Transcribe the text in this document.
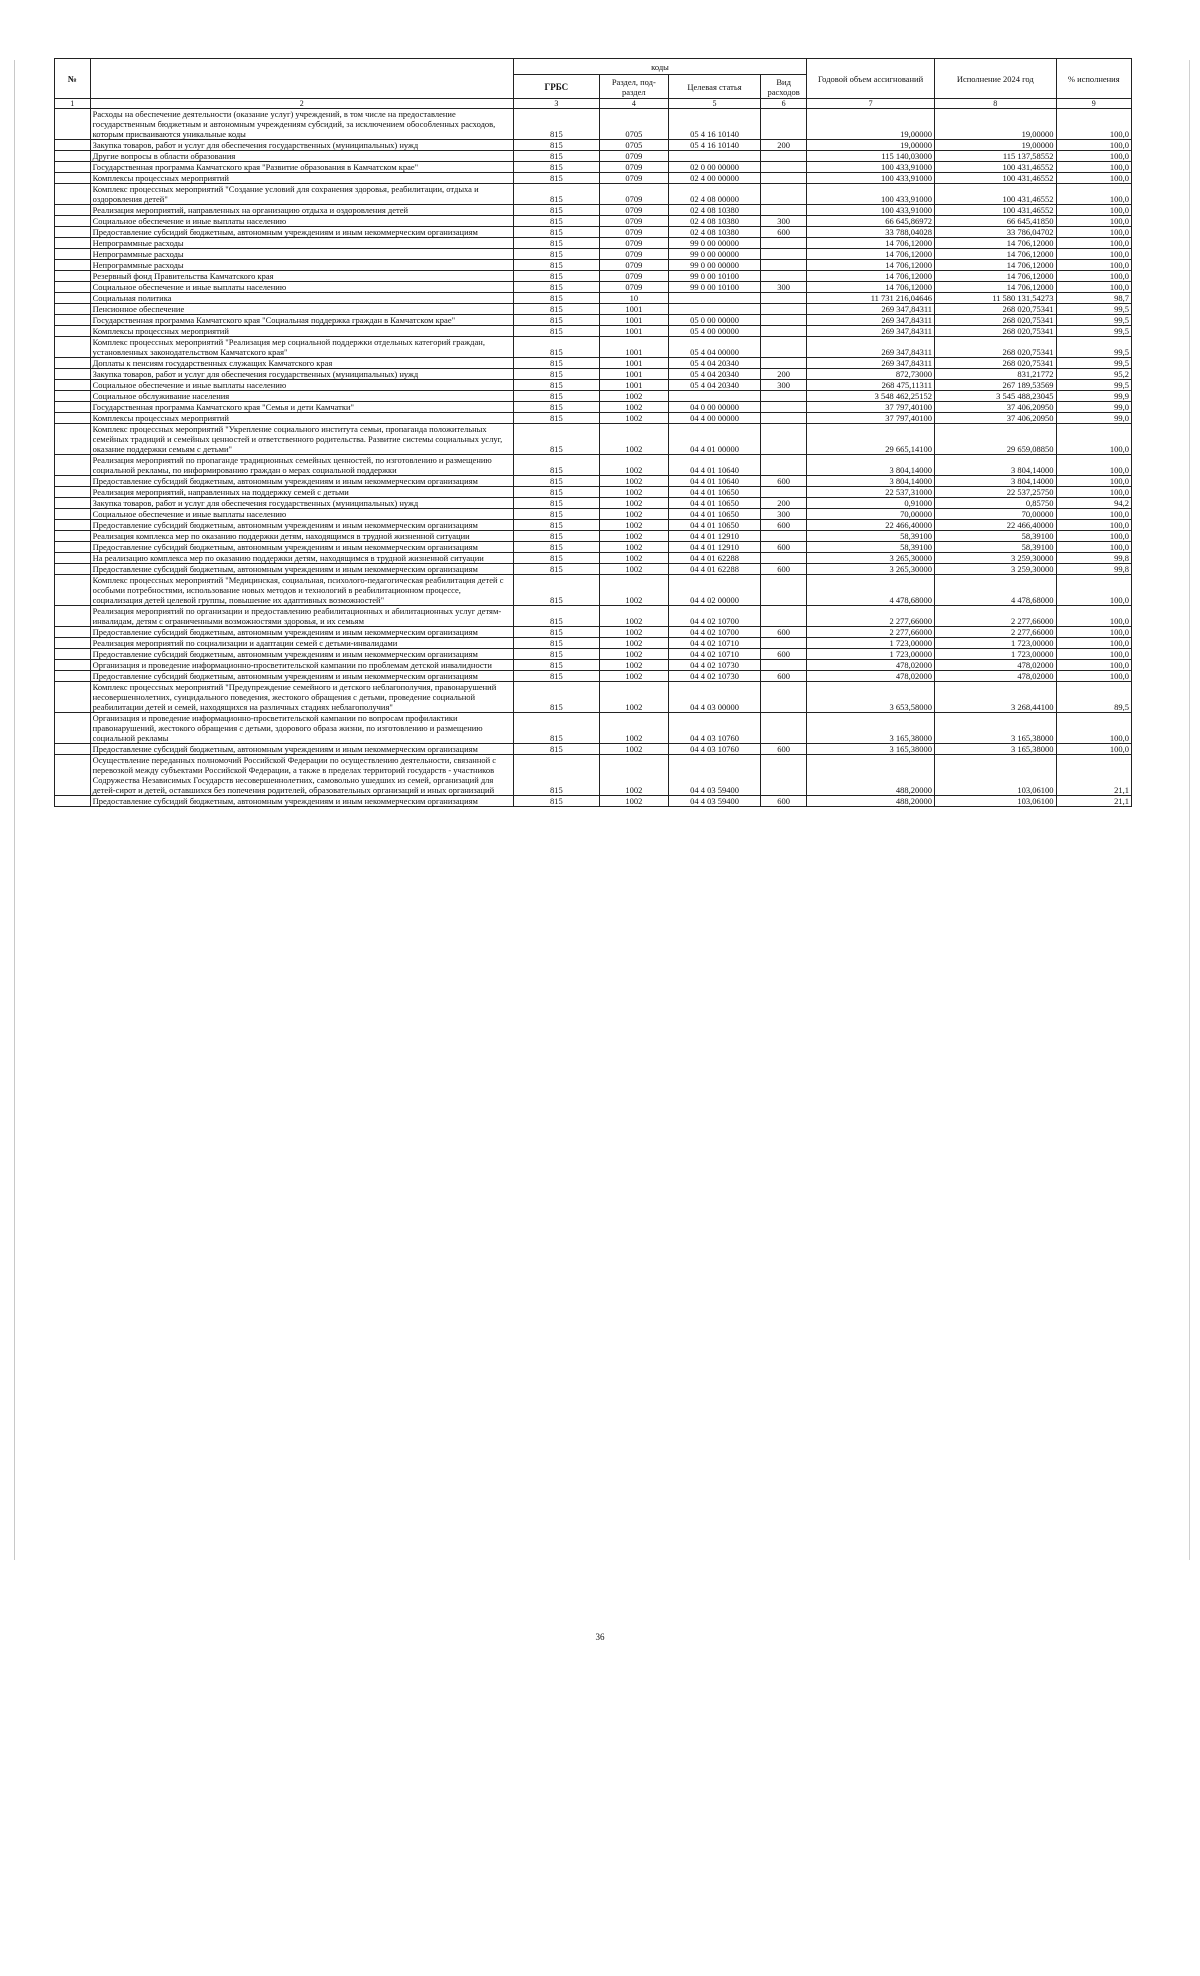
№		коды				Годовой объем ассигнований	Исполнение 2024 год	% исполнения
		ГРБС	Раздел, под-раздел	Целевая статья	Вид расходов			
1	2	3	4	5	6	7	8	9
	Расходы на обеспечение деятельности (оказание услуг) учреждений, в том числе на предоставление государственным бюджетным и автономным учреждениям субсидий, за исключением обособленных расходов, которым присваиваются уникальные коды	815	0705	05 4 16 10140		19,00000	19,00000	100,0
	Закупка товаров, работ и услуг для обеспечения государственных (муниципальных) нужд	815	0705	05 4 16 10140	200	19,00000	19,00000	100,0
	Другие вопросы в области образования	815	0709			115 140,03000	115 137,58552	100,0
	Государственная программа Камчатского края "Развитие образования в Камчатском крае"	815	0709	02 0 00 00000		100 433,91000	100 431,46552	100,0
	Комплексы процессных мероприятий	815	0709	02 4 00 00000		100 433,91000	100 431,46552	100,0
	Комплекс процессных мероприятий "Создание условий для сохранения здоровья, реабилитации, отдыха и оздоровления детей"	815	0709	02 4 08 00000		100 433,91000	100 431,46552	100,0
	Реализация мероприятий, направленных на организацию отдыха и оздоровления детей	815	0709	02 4 08 10380		100 433,91000	100 431,46552	100,0
	Социальное обеспечение и иные выплаты населению	815	0709	02 4 08 10380	300	66 645,86972	66 645,41850	100,0
	Предоставление субсидий бюджетным, автономным учреждениям и иным некоммерческим организациям	815	0709	02 4 08 10380	600	33 788,04028	33 786,04702	100,0
	Непрограммные расходы	815	0709	99 0 00 00000		14 706,12000	14 706,12000	100,0
	Непрограммные расходы	815	0709	99 0 00 00000		14 706,12000	14 706,12000	100,0
	Непрограммные расходы	815	0709	99 0 00 00000		14 706,12000	14 706,12000	100,0
	Резервный фонд Правительства Камчатского края	815	0709	99 0 00 10100		14 706,12000	14 706,12000	100,0
	Социальное обеспечение и иные выплаты населению	815	0709	99 0 00 10100	300	14 706,12000	14 706,12000	100,0
	Социальная политика	815	10			11 731 216,04646	11 580 131,54273	98,7
	Пенсионное обеспечение	815	1001			269 347,84311	268 020,75341	99,5
	Государственная программа Камчатского края "Социальная поддержка граждан в Камчатском крае"	815	1001	05 0 00 00000		269 347,84311	268 020,75341	99,5
	Комплексы процессных мероприятий	815	1001	05 4 00 00000		269 347,84311	268 020,75341	99,5
	Комплекс процессных мероприятий "Реализация мер социальной поддержки отдельных категорий граждан, установленных законодательством Камчатского края"	815	1001	05 4 04 00000		269 347,84311	268 020,75341	99,5
	Доплаты к пенсиям государственных служащих Камчатского края	815	1001	05 4 04 20340		269 347,84311	268 020,75341	99,5
	Закупка товаров, работ и услуг для обеспечения государственных (муниципальных) нужд	815	1001	05 4 04 20340	200	872,73000	831,21772	95,2
	Социальное обеспечение и иные выплаты населению	815	1001	05 4 04 20340	300	268 475,11311	267 189,53569	99,5
	Социальное обслуживание населения	815	1002			3 548 462,25152	3 545 488,23045	99,9
	Государственная программа Камчатского края "Семья и дети Камчатки"	815	1002	04 0 00 00000		37 797,40100	37 406,20950	99,0
	Комплексы процессных мероприятий	815	1002	04 4 00 00000		37 797,40100	37 406,20950	99,0
	Комплекс процессных мероприятий "Укрепление социального института семьи, пропаганда положительных семейных традиций и семейных ценностей и ответственного родительства. Развитие системы социальных услуг, оказание поддержки семьям с детьми"	815	1002	04 4 01 00000		29 665,14100	29 659,08850	100,0
	Реализация мероприятий по пропаганде традиционных семейных ценностей, по изготовлению и размещению социальной рекламы, по информированию граждан о мерах социальной поддержки	815	1002	04 4 01 10640		3 804,14000	3 804,14000	100,0
	Предоставление субсидий бюджетным, автономным учреждениям и иным некоммерческим организациям	815	1002	04 4 01 10640	600	3 804,14000	3 804,14000	100,0
	Реализация мероприятий, направленных на поддержку семей с детьми	815	1002	04 4 01 10650		22 537,31000	22 537,25750	100,0
	Закупка товаров, работ и услуг для обеспечения государственных (муниципальных) нужд	815	1002	04 4 01 10650	200	0,91000	0,85750	94,2
	Социальное обеспечение и иные выплаты населению	815	1002	04 4 01 10650	300	70,00000	70,00000	100,0
	Предоставление субсидий бюджетным, автономным учреждениям и иным некоммерческим организациям	815	1002	04 4 01 10650	600	22 466,40000	22 466,40000	100,0
	Реализация комплекса мер по оказанию поддержки детям, находящимся в трудной жизненной ситуации	815	1002	04 4 01 12910		58,39100	58,39100	100,0
	Предоставление субсидий бюджетным, автономным учреждениям и иным некоммерческим организациям	815	1002	04 4 01 12910	600	58,39100	58,39100	100,0
	На реализацию комплекса мер по оказанию поддержки детям, находящимся в трудной жизненной ситуации	815	1002	04 4 01 62288		3 265,30000	3 259,30000	99,8
	Предоставление субсидий бюджетным, автономным учреждениям и иным некоммерческим организациям	815	1002	04 4 01 62288	600	3 265,30000	3 259,30000	99,8
	Комплекс процессных мероприятий "Медицинская, социальная, психолого-педагогическая реабилитация детей с особыми потребностями, использование новых методов и технологий в реабилитационном процессе, социализация детей целевой группы, повышение их адаптивных возможностей"	815	1002	04 4 02 00000		4 478,68000	4 478,68000	100,0
	Реализация мероприятий по организации и предоставлению реабилитационных и абилитационных услуг детям-инвалидам, детям с ограниченными возможностями здоровья, и их семьям	815	1002	04 4 02 10700		2 277,66000	2 277,66000	100,0
	Предоставление субсидий бюджетным, автономным учреждениям и иным некоммерческим организациям	815	1002	04 4 02 10700	600	2 277,66000	2 277,66000	100,0
	Реализация мероприятий по социализации и адаптации семей с детьми-инвалидами	815	1002	04 4 02 10710		1 723,00000	1 723,00000	100,0
	Предоставление субсидий бюджетным, автономным учреждениям и иным некоммерческим организациям	815	1002	04 4 02 10710	600	1 723,00000	1 723,00000	100,0
	Организация и проведение информационно-просветительской кампании по проблемам детской инвалидности	815	1002	04 4 02 10730		478,02000	478,02000	100,0
	Предоставление субсидий бюджетным, автономным учреждениям и иным некоммерческим организациям	815	1002	04 4 02 10730	600	478,02000	478,02000	100,0
	Комплекс процессных мероприятий "Предупреждение семейного и детского неблагополучия, правонарушений несовершеннолетних, суицидального поведения, жестокого обращения с детьми, проведение социальной реабилитации детей и семей, находящихся на различных стадиях неблагополучия"	815	1002	04 4 03 00000		3 653,58000	3 268,44100	89,5
	Организация и проведение информационно-просветительской кампании по вопросам профилактики правонарушений, жестокого обращения с детьми, здорового образа жизни, по изготовлению и размещению социальной рекламы	815	1002	04 4 03 10760		3 165,38000	3 165,38000	100,0
	Предоставление субсидий бюджетным, автономным учреждениям и иным некоммерческим организациям	815	1002	04 4 03 10760	600	3 165,38000	3 165,38000	100,0
	Осуществление переданных полномочий Российской Федерации по осуществлению деятельности, связанной с перевозкой между субъектами Российской Федерации, а также в пределах территорий государств - участников Содружества Независимых Государств несовершеннолетних, самовольно ушедших из семей, организаций для детей-сирот и детей, оставшихся без попечения родителей, образовательных организаций и иных организаций	815	1002	04 4 03 59400		488,20000	103,06100	21,1
	Предоставление субсидий бюджетным, автономным учреждениям и иным некоммерческим организациям	815	1002	04 4 03 59400	600	488,20000	103,06100	21,1
36
